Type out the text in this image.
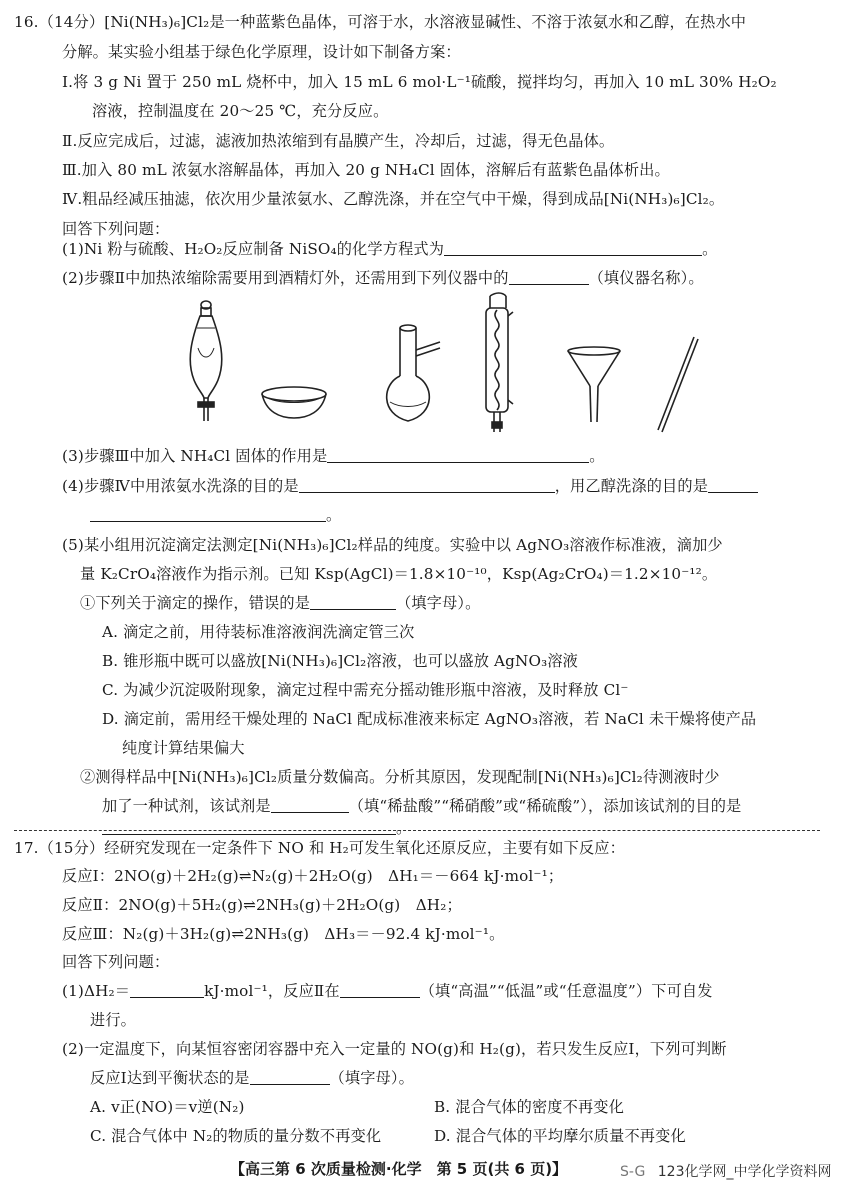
16.（14分）[Ni(NH₃)₆]Cl₂是一种蓝紫色晶体，可溶于水，水溶液显碱性、不溶于浓氨水和乙醇，在热水中
分解。某实验小组基于绿色化学原理，设计如下制备方案：
Ⅰ.将 3 g Ni 置于 250 mL 烧杯中，加入 15 mL 6 mol·L⁻¹硫酸，搅拌均匀，再加入 10 mL 30% H₂O₂
溶液，控制温度在 20～25 ℃，充分反应。
Ⅱ.反应完成后，过滤，滤液加热浓缩到有晶膜产生，冷却后，过滤，得无色晶体。
Ⅲ.加入 80 mL 浓氨水溶解晶体，再加入 20 g NH₄Cl 固体，溶解后有蓝紫色晶体析出。
Ⅳ.粗品经减压抽滤，依次用少量浓氨水、乙醇洗涤，并在空气中干燥，得到成品[Ni(NH₃)₆]Cl₂。
回答下列问题：
(1)Ni 粉与硫酸、H₂O₂反应制备 NiSO₄的化学方程式为	。
(2)步骤Ⅱ中加热浓缩除需要用到酒精灯外，还需用到下列仪器中的	（填仪器名称）。
(3)步骤Ⅲ中加入 NH₄Cl 固体的作用是	。
(4)步骤Ⅳ中用浓氨水洗涤的目的是	，用乙醇洗涤的目的是
。
(5)某小组用沉淀滴定法测定[Ni(NH₃)₆]Cl₂样品的纯度。实验中以 AgNO₃溶液作标准液，滴加少
量 K₂CrO₄溶液作为指示剂。已知 Ksp(AgCl)＝1.8×10⁻¹⁰，Ksp(Ag₂CrO₄)＝1.2×10⁻¹²。
①下列关于滴定的操作，错误的是	（填字母）。
A. 滴定之前，用待装标准溶液润洗滴定管三次
B. 锥形瓶中既可以盛放[Ni(NH₃)₆]Cl₂溶液，也可以盛放 AgNO₃溶液
C. 为减少沉淀吸附现象，滴定过程中需充分摇动锥形瓶中溶液，及时释放 Cl⁻
D. 滴定前，需用经干燥处理的 NaCl 配成标准液来标定 AgNO₃溶液，若 NaCl 未干燥将使产品
纯度计算结果偏大
②测得样品中[Ni(NH₃)₆]Cl₂质量分数偏高。分析其原因，发现配制[Ni(NH₃)₆]Cl₂待测液时少
加了一种试剂，该试剂是	（填“稀盐酸”“稀硝酸”或“稀硫酸”），添加该试剂的目的是
。
17.（15分）经研究发现在一定条件下 NO 和 H₂可发生氧化还原反应，主要有如下反应：
反应Ⅰ：2NO(g)＋2H₂(g)⇌N₂(g)＋2H₂O(g)　ΔH₁＝－664 kJ·mol⁻¹；
反应Ⅱ：2NO(g)＋5H₂(g)⇌2NH₃(g)＋2H₂O(g)　ΔH₂；
反应Ⅲ：N₂(g)＋3H₂(g)⇌2NH₃(g)　ΔH₃＝－92.4 kJ·mol⁻¹。
回答下列问题：
(1)ΔH₂＝	kJ·mol⁻¹，反应Ⅱ在	（填“高温”“低温”或“任意温度”）下可自发
进行。
(2)一定温度下，向某恒容密闭容器中充入一定量的 NO(g)和 H₂(g)，若只发生反应Ⅰ，下列可判断
反应Ⅰ达到平衡状态的是	（填字母）。
A. v正(NO)＝v逆(N₂)	B. 混合气体的密度不再变化
C. 混合气体中 N₂的物质的量分数不再变化	D. 混合气体的平均摩尔质量不再变化
【高三第 6 次质量检测·化学　第 5 页(共 6 页)】	S-G 123化学网_中学化学资料网
